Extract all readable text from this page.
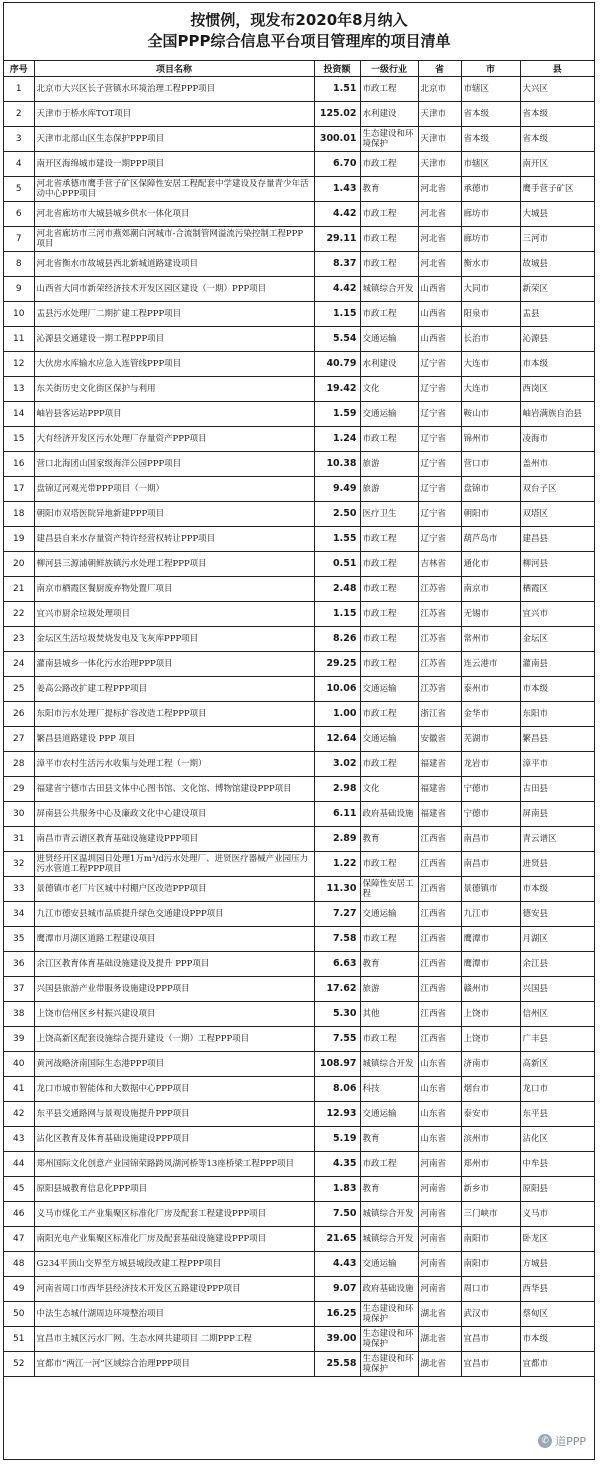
按惯例，现发布2020年8月纳入
全国PPP综合信息平台项目管理库的项目清单
序号	项目名称	投资额	一级行业	省	市	县
1	北京市大兴区长子营镇水环境治理工程PPP项目	1.51	市政工程	北京市	市辖区	大兴区
2	天津市于桥水库TOT项目	125.02	水利建设	天津市	省本级	省本级
3	天津市北部山区生态保护PPP项目	300.01	生态建设和环境保护	天津市	省本级	省本级
4	南开区海绵城市建设一期PPP项目	6.70	市政工程	天津市	市辖区	南开区
5	河北省承德市鹰手营子矿区保障性安居工程配套中学建设及存量青少年活动中心PPP项目	1.43	教育	河北省	承德市	鹰手营子矿区
6	河北省廊坊市大城县城乡供水一体化项目	4.42	市政工程	河北省	廊坊市	大城县
7	河北省廊坊市三河市燕郊潮白河城市-合流制管网溢流污染控制工程PPP项目	29.11	市政工程	河北省	廊坊市	三河市
8	河北省衡水市故城县西北新城道路建设项目	8.37	市政工程	河北省	衡水市	故城县
9	山西省大同市新荣经济技术开发区园区建设（一期）PPP项目	4.42	城镇综合开发	山西省	大同市	新荣区
10	盂县污水处理厂二期扩建工程PPP项目	1.15	市政工程	山西省	阳泉市	盂县
11	沁源县交通建设一期工程PPP项目	5.54	交通运输	山西省	长治市	沁源县
12	大伙房水库输水应急入连管线PPP项目	40.79	水利建设	辽宁省	大连市	市本级
13	东关街历史文化街区保护与利用	19.42	文化	辽宁省	大连市	西岗区
14	岫岩县客运站PPP项目	1.59	交通运输	辽宁省	鞍山市	岫岩满族自治县
15	大有经济开发区污水处理厂存量资产PPP项目	1.24	市政工程	辽宁省	锦州市	凌海市
16	营口北海团山国家级海洋公园PPP项目	10.38	旅游	辽宁省	营口市	盖州市
17	盘锦辽河观光带PPP项目（一期）	9.49	旅游	辽宁省	盘锦市	双台子区
18	朝阳市双塔医院异地新建PPP项目	2.50	医疗卫生	辽宁省	朝阳市	双塔区
19	建昌县自来水存量资产特许经营权转让PPP项目	1.55	市政工程	辽宁省	葫芦岛市	建昌县
20	柳河县三源浦朝鲜族镇污水处理工程PPP项目	0.51	市政工程	吉林省	通化市	柳河县
21	南京市栖霞区餐厨废弃物处置厂项目	2.48	市政工程	江苏省	南京市	栖霞区
22	宜兴市厨余垃圾处理项目	1.15	市政工程	江苏省	无锡市	宜兴市
23	金坛区生活垃圾焚烧发电及飞灰库PPP项目	8.26	市政工程	江苏省	常州市	金坛区
24	灌南县城乡一体化污水治理PPP项目	29.25	市政工程	江苏省	连云港市	灌南县
25	姜高公路改扩建工程PPP项目	10.06	交通运输	江苏省	泰州市	市本级
26	东阳市污水处理厂提标扩容改造工程PPP项目	1.00	市政工程	浙江省	金华市	东阳市
27	繁昌县道路建设 PPP 项目	12.64	交通运输	安徽省	芜湖市	繁昌县
28	漳平市农村生活污水收集与处理工程（一期）	3.02	市政工程	福建省	龙岩市	漳平市
29	福建省宁德市古田县文体中心图书馆、文化馆、博物馆建设PPP项目	2.98	文化	福建省	宁德市	古田县
30	屏南县公共服务中心及廉政文化中心建设项目	6.11	政府基础设施	福建省	宁德市	屏南县
31	南昌市青云谱区教育基础设施建设PPP项目	2.89	教育	江西省	南昌市	青云谱区
32	进贤经开区温圳园日处理1万m³/d污水处理厂、进贤医疗器械产业园压力污水管道工程PPP项目	1.22	市政工程	江西省	南昌市	进贤县
33	景德镇市老厂片区城中村棚户区改造PPP项目	11.30	保障性安居工程	江西省	景德镇市	市本级
34	九江市德安县城市品质提升绿色交通建设PPP项目	7.27	交通运输	江西省	九江市	德安县
35	鹰潭市月湖区道路工程建设项目	7.58	市政工程	江西省	鹰潭市	月湖区
36	余江区教育体育基础设施建设及提升 PPP项目	6.63	教育	江西省	鹰潭市	余江县
37	兴国县旅游产业带服务设施建设PPP项目	17.62	旅游	江西省	赣州市	兴国县
38	上饶市信州区乡村振兴建设项目	5.30	其他	江西省	上饶市	信州区
39	上饶高新区配套设施综合提升建设（一期）工程PPP项目	7.55	市政工程	江西省	上饶市	广丰县
40	黄河战略济南国际生态港PPP项目	108.97	城镇综合开发	山东省	济南市	高新区
41	龙口市城市智能体和大数据中心PPP项目	8.06	科技	山东省	烟台市	龙口市
42	东平县交通路网与景观设施提升PPP项目	12.93	交通运输	山东省	泰安市	东平县
43	沾化区教育及体育基础设施建设PPP项目	5.19	教育	山东省	滨州市	沾化区
44	郑州国际文化创意产业园锦荣路跨凤湖河桥等13座桥梁工程PPP项目	4.35	市政工程	河南省	郑州市	中牟县
45	原阳县城教育信息化PPP项目	1.83	教育	河南省	新乡市	原阳县
46	义马市煤化工产业集聚区标准化厂房及配套工程建设PPP项目	7.50	城镇综合开发	河南省	三门峡市	义马市
47	南阳光电产业集聚区标准化厂房及配套基础设施建设PPP项目	21.65	城镇综合开发	河南省	南阳市	卧龙区
48	G234平顶山交界至方城县城段改建工程PPP项目	4.43	交通运输	河南省	南阳市	方城县
49	河南省周口市西华县经济技术开发区五路建设PPP项目	9.07	政府基础设施	河南省	周口市	西华县
50	中法生态城什湖周边环境整治项目	16.25	生态建设和环境保护	湖北省	武汉市	蔡甸区
51	宜昌市主城区污水厂网、生态水网共建项目 二期PPP工程	39.00	生态建设和环境保护	湖北省	宜昌市	市本级
52	宜都市“两江一河”区域综合治理PPP项目	25.58	生态建设和环境保护	湖北省	宜昌市	宜都市
✆ 道PPP
